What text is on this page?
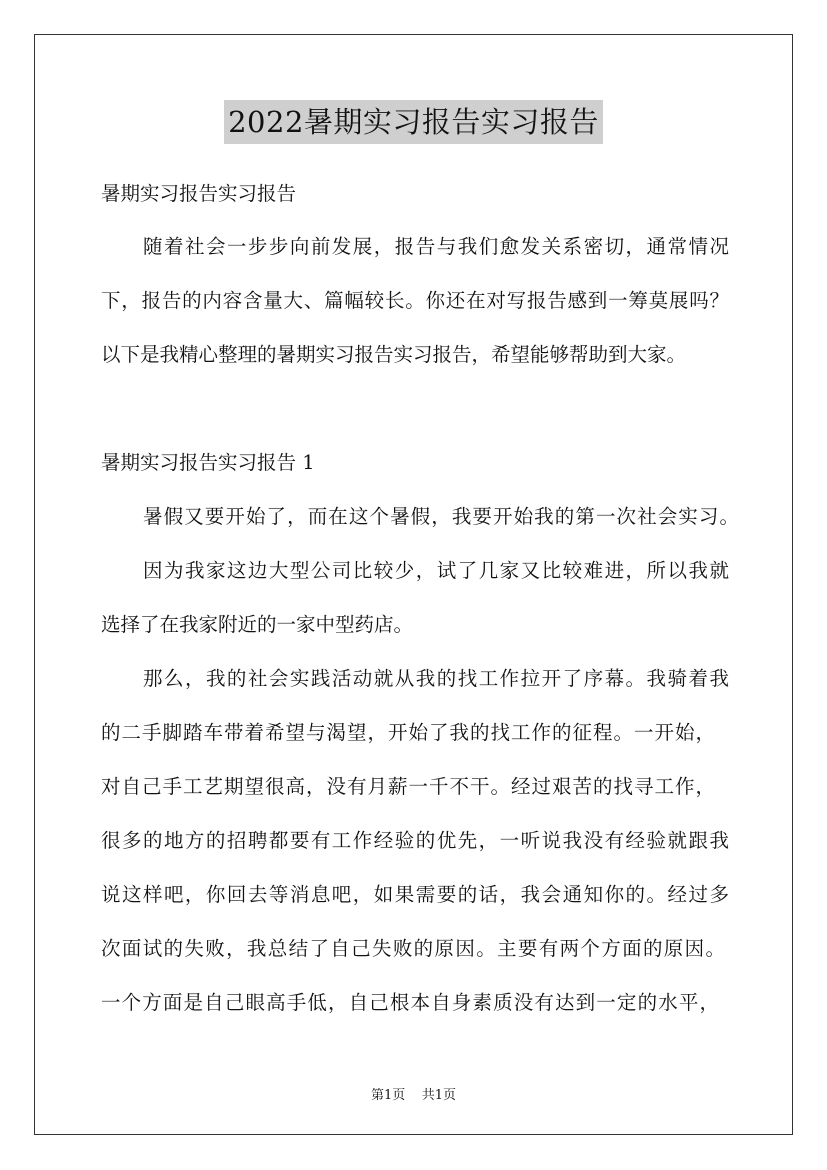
2022暑期实习报告实习报告
暑期实习报告实习报告
随着社会一步步向前发展，报告与我们愈发关系密切，通常情况
下，报告的内容含量大、篇幅较长。你还在对写报告感到一筹莫展吗？
以下是我精心整理的暑期实习报告实习报告，希望能够帮助到大家。
暑期实习报告实习报告 1
暑假又要开始了，而在这个暑假，我要开始我的第一次社会实习。
因为我家这边大型公司比较少，试了几家又比较难进，所以我就
选择了在我家附近的一家中型药店。
那么，我的社会实践活动就从我的找工作拉开了序幕。我骑着我
的二手脚踏车带着希望与渴望，开始了我的找工作的征程。一开始，
对自己手工艺期望很高，没有月薪一千不干。经过艰苦的找寻工作，
很多的地方的招聘都要有工作经验的优先，一听说我没有经验就跟我
说这样吧，你回去等消息吧，如果需要的话，我会通知你的。经过多
次面试的失败，我总结了自己失败的原因。主要有两个方面的原因。
一个方面是自己眼高手低，自己根本自身素质没有达到一定的水平，
第1页    共1页
